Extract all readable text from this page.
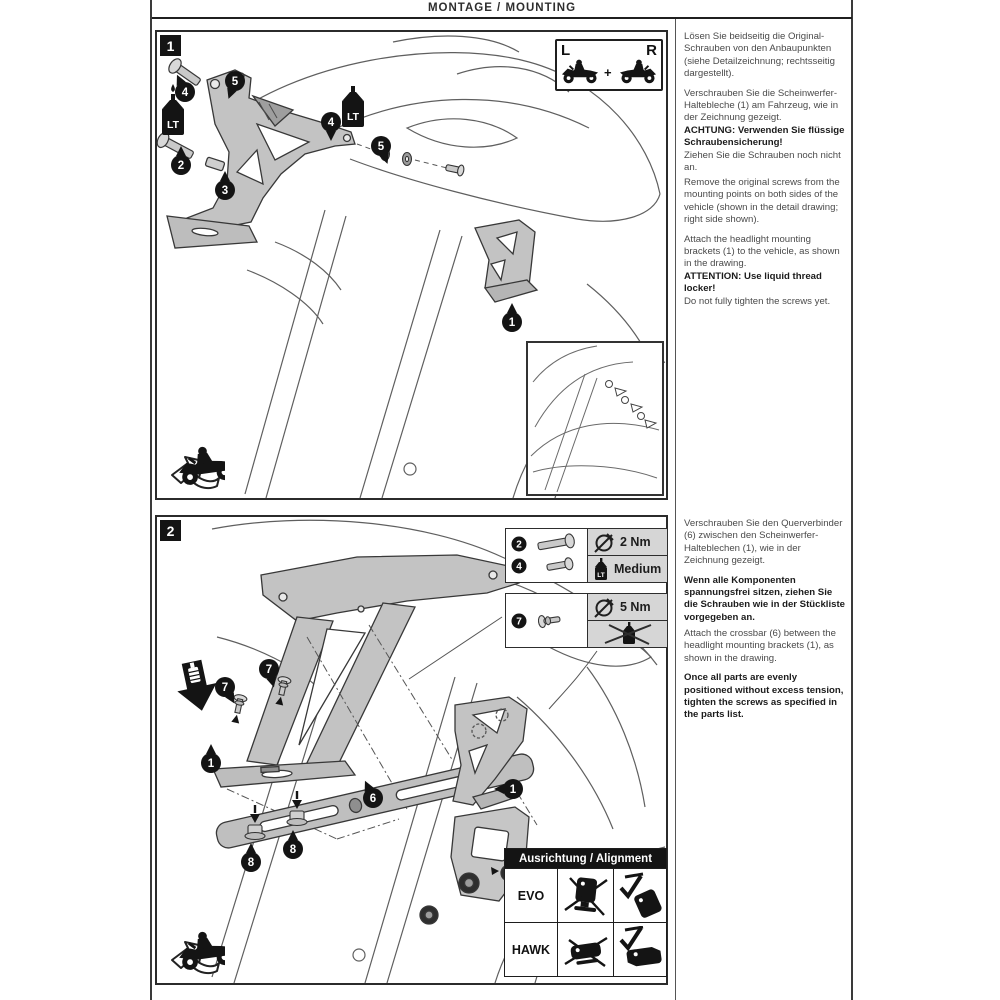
MONTAGE / MOUNTING
LT
LT
4
5
2
3
4
5
1
1	L	R
+
7
7
1
6
8
8
1
2
2
4
2 Nm
LT Medium
7
5 Nm
Ausrichtung / Alignment
EVO
HAWK

Lösen Sie beidseitig die Original-Schrauben von den Anbaupunkten (siehe Detailzeichnung; rechtsseitig dargestellt).

Verschrauben Sie die Scheinwerfer-Haltebleche (1) am Fahrzeug, wie in der Zeichnung gezeigt.

ACHTUNG: Verwenden Sie flüssige Schraubensicherung!

Ziehen Sie die Schrauben noch nicht an.

Remove the original screws from the mounting points on both sides of the vehicle (shown in the detail drawing; right side shown).

Attach the headlight mounting brackets (1) to the vehicle, as shown in the drawing.

ATTENTION: Use liquid thread locker!

Do not fully tighten the screws yet.

Verschrauben Sie den Querverbinder (6) zwischen den Scheinwerfer-Halteblechen (1), wie in der Zeichnung gezeigt.

Wenn alle Komponenten spannungsfrei sitzen, ziehen Sie die Schrauben wie in der Stückliste vorgegeben an.

Attach the crossbar (6) between the headlight mounting brackets (1), as shown in the drawing.

Once all parts are evenly positioned without excess tension, tighten the screws as specified in the parts list.
